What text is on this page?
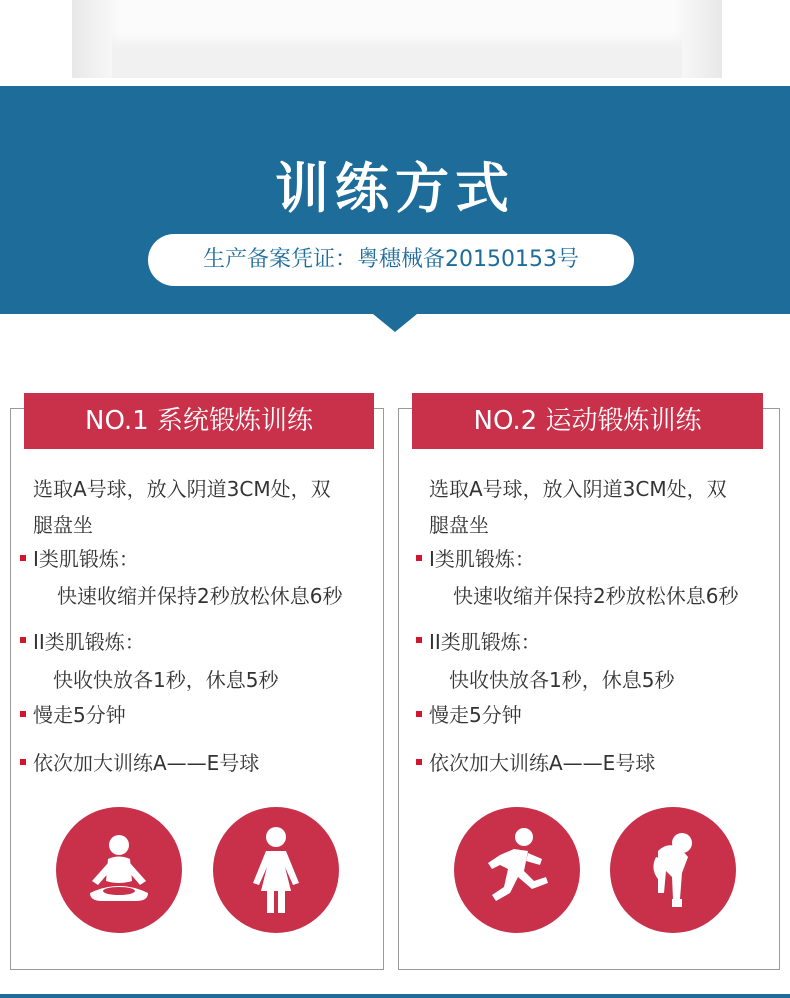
训练方式
生产备案凭证：粤穗械备20150153号
NO.1 系统锻炼训练
选取A号球，放入阴道3CM处，双
腿盘坐
Ⅰ类肌锻炼：
快速收缩并保持2秒放松休息6秒
II类肌锻炼：
快收快放各1秒，休息5秒
慢走5分钟
依次加大训练A——E号球
NO.2 运动锻炼训练
选取A号球，放入阴道3CM处，双
腿盘坐
Ⅰ类肌锻炼：
快速收缩并保持2秒放松休息6秒
II类肌锻炼：
快收快放各1秒，休息5秒
慢走5分钟
依次加大训练A——E号球
